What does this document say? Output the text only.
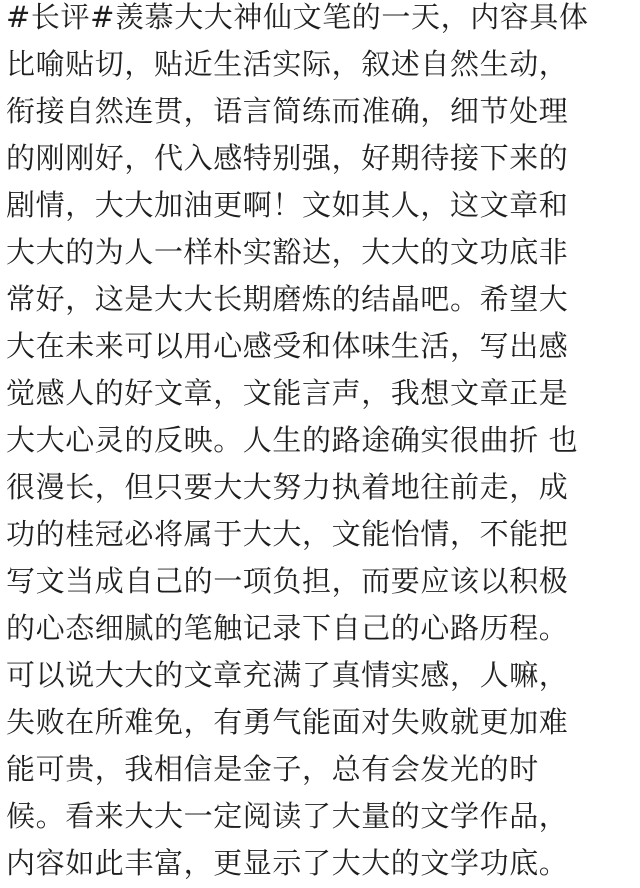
#长评#羡慕大大神仙文笔的一天，内容具体
比喻贴切，贴近生活实际，叙述自然生动，
衔接自然连贯，语言简练而准确，细节处理
的刚刚好，代入感特别强，好期待接下来的
剧情，大大加油更啊！文如其人，这文章和
大大的为人一样朴实豁达，大大的文功底非
常好，这是大大长期磨炼的结晶吧。希望大
大在未来可以用心感受和体味生活，写出感
觉感人的好文章，文能言声，我想文章正是
大大心灵的反映。人生的路途确实很曲折 也
很漫长，但只要大大努力执着地往前走，成
功的桂冠必将属于大大，文能怡情，不能把
写文当成自己的一项负担，而要应该以积极
的心态细腻的笔触记录下自己的心路历程。
可以说大大的文章充满了真情实感，人嘛，
失败在所难免，有勇气能面对失败就更加难
能可贵，我相信是金子，总有会发光的时
候。看来大大一定阅读了大量的文学作品，
内容如此丰富，更显示了大大的文学功底。
